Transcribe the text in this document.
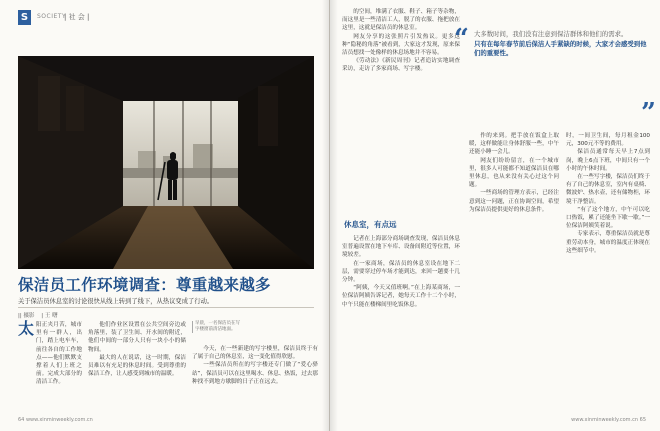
S	SOCIETY
| 社 会 |
保洁员工作环境调查：尊重越来越多
关于保洁员休息室的讨论很快从线上转到了线下，从热议变成了行动。
|| 摄影 | 王 曙
太 阳正夹月苦，城市里有一群人，出门，踏上电车车，前往各自的工作地点——他们默默支撑着人们上班之前。完成大部分的清洁工作。

他们作业区设置在公共空间旁边或角落里，装了卫生间、开水间的附近，他们中间的一部分人只有一块小小的储物间。

最大的人在说话，这一时期，保洁员难以有充足的休息时间。受到尊重的保洁工作，让人感受到城市的温暖。

早晨，一名保洁员在写字楼窗前清洁地面。

今天，在一些新建的写字楼里，保洁员终于有了属于自己的休息室，这一变化值得欣慰。

一些保洁员所在的写字楼还专门做了“爱心驿站”，保洁员可以在这里喝水、休息、热饭，过去那种找不到地方歇脚的日子正在远去。

64 www.xinminweekly.com.cn

的空间，堆满了衣服、鞋子、箱子等杂物，而这里是一些清洁工人，脱了的衣服、拖把放在这里，这就是保洁员的休息室。

网友分享的这张照片引发热议。更多这种“隐秘的角落”被看到，大家这才发现，原来保洁员想找一处像样的休息场地并不容易。

《劳动法》《新民周刊》记者追访实地调查采访，走访了多家商场、写字楼。

休息室，有点远

记者在上海部分商场调查发现，保洁员休息室普遍设置在地下车库、设备间附近等位置，环境较差。

在一家商场，保洁员的休息室设在地下二层，需要穿过停车场才能到达，来回一趟要十几分钟。

“阿姨，今天又值班啊。”在上海某商场，一位保洁阿姨告诉记者，她每天工作十二个小时，中午只能在楼梯间里吃饭休息。

作的来到。把手放在饭盒上取暖，这样做能让身体舒服一些，中午还能小睡一会儿。

网友们纷纷留言，在一个城市里，很多人可能都不知道保洁员在哪里休息，也从来没有关心过这个问题。

一些商场的管理方表示，已经注意到这一问题，正在协调空间，希望为保洁员提供更好的休息条件。

时，一间卫生间，每月租金100元，300元不等的费用。

保洁员通常每天早上7点到岗，晚上6点下班，中间只有一个小时的午休时间。

在一些写字楼，保洁员们终于有了自己的休息室，室内有桌椅、微波炉、热水壶，还有储物柜，环境干净整洁。

“有了这个地方，中午可以吃口热饭，累了还能坐下歇一歇。”一位保洁阿姨笑着说。

专家表示，尊重保洁员就是尊重劳动本身，城市的温度正体现在这些细节中。

www.xinminweekly.com.cn 65
“ 大多数时间，我们没有注意到保洁群体和他们的需求。
只有在每年春节前后保洁人手紧缺的时候，大家才会感受到他们的重要性。
”
